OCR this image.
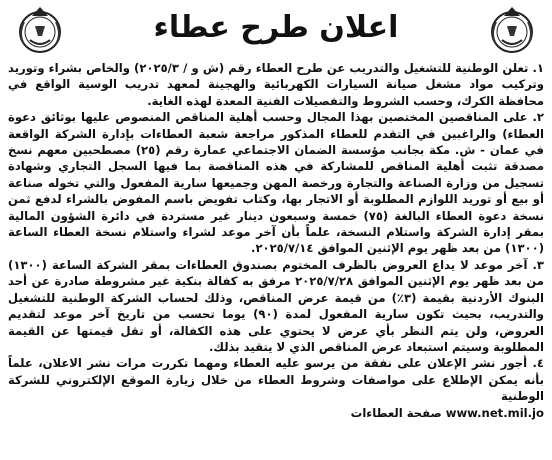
اعلان طرح عطاء

١. تعلن الوطنية للتشغيل والتدريب عن طرح العطاء رقم (ش و / ٢٠٢٥/٣) والخاص بشراء وتوريد وتركيب مواد مشغل صيانة السيارات الكهربائية والهجينة لمعهد تدريب الوسية الواقع في محافظة الكرك، وحسب الشروط والتفصيلات الفنية المعدة لهذه الغاية.

٢. على المناقصين المختصين بهذا المجال وحسب أهلية المناقص المنصوص عليها بوثائق دعوة العطاء) والراغبين في التقدم للعطاء المذكور مراجعة شعبة العطاءات بإدارة الشركة الواقعة في عمان - ش. مكة بجانب مؤسسة الضمان الاجتماعي عمارة رقم (٢٥) مصطحبين معهم نسخ مصدقة تثبت أهلية المناقص للمشاركة في هذه المناقصة بما فيها السجل التجاري وشهادة تسجيل من وزارة الصناعة والتجارة ورخصة المهن وجميعها سارية المفعول والتي تخوله صناعة أو بيع أو توريد اللوازم المطلوبة أو الاتجار بها، وكتاب تفويض باسم المفوض بالشراء لدفع ثمن نسخة دعوة العطاء البالغة (٧٥) خمسة وسبعون دينار غير مستردة في دائرة الشؤون المالية بمقر إدارة الشركة واستلام النسخة، علماً بأن آخر موعد لشراء واستلام نسخة العطاء الساعة (١٣٠٠) من بعد ظهر يوم الإثنين الموافق ٢٠٢٥/٧/١٤.

٣. آخر موعد لا يداع العروض بالظرف المختوم بصندوق العطاءات بمقر الشركة الساعة (١٣٠٠) من بعد ظهر يوم الإثنين الموافق ٢٠٢٥/٧/٢٨ مرفق به كفالة بنكية غير مشروطة صادرة عن أحد البنوك الأردنية بقيمة (٣٪) من قيمة عرض المناقص، وذلك لحساب الشركة الوطنية للتشغيل والتدريب، بحيث تكون سارية المفعول لمدة (٩٠) يوما تحسب من تاريخ آخر موعد لتقديم العروض، ولن يتم النظر بأي عرض لا يحتوي على هذه الكفالة، أو تقل قيمتها عن القيمة المطلوبة وسيتم استبعاد عرض المناقص الذي لا يتقيد بذلك.

٤. أجور نشر الإعلان على نفقة من يرسو عليه العطاء ومهما تكررت مرات نشر الاعلان، علماً بأنه يمكن الإطلاع على مواصفات وشروط العطاء من خلال زيارة الموقع الإلكتروني للشركة الوطنية

www.net.mil.jo صفحة العطاءات
